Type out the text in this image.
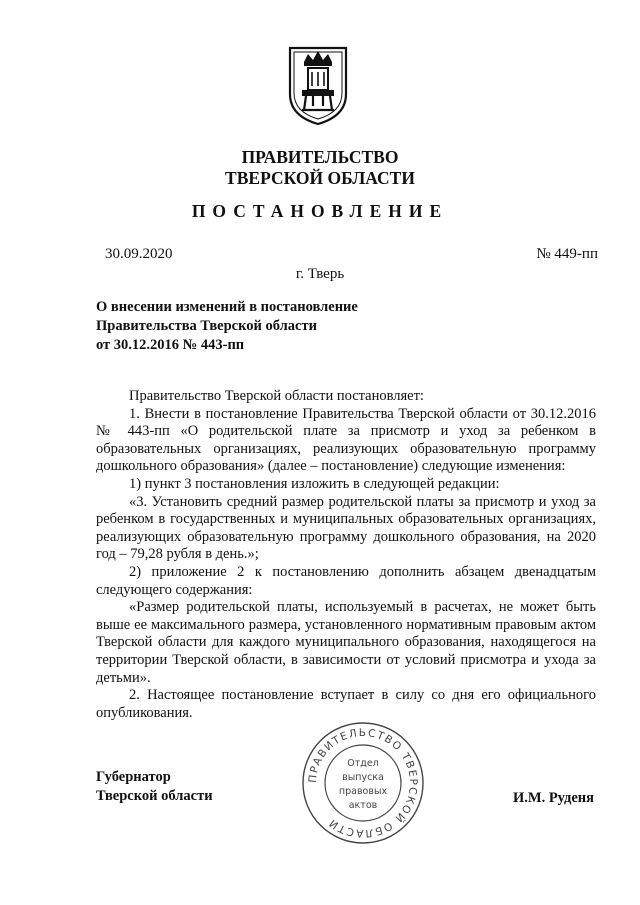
ПРАВИТЕЛЬСТВО
ТВЕРСКОЙ ОБЛАСТИ
ПОСТАНОВЛЕНИЕ
30.09.2020	№ 449-пп
г. Тверь
О внесении изменений в постановление
Правительства Тверской области
от 30.12.2016 № 443-пп

Правительство Тверской области постановляет:

1. Внести в постановление Правительства Тверской области от 30.12.2016 № 443-пп «О родительской плате за присмотр и уход за ребенком в образовательных организациях, реализующих образовательную программу дошкольного образования» (далее – постановление) следующие изменения:

1) пункт 3 постановления изложить в следующей редакции:

«3. Установить средний размер родительской платы за присмотр и уход за ребенком в государственных и муниципальных образовательных организациях, реализующих образовательную программу дошкольного образования, на 2020 год – 79,28 рубля в день.»;

2) приложение 2 к постановлению дополнить абзацем двенадцатым следующего содержания:

«Размер родительской платы, используемый в расчетах, не может быть выше ее максимального размера, установленного нормативным правовым актом Тверской области для каждого муниципального образования, находящегося на территории Тверской области, в зависимости от условий присмотра и ухода за детьми».

2. Настоящее постановление вступает в силу со дня его официального опубликования.

Губернатор
Тверской области	И.М. Руденя
ПРАВИТЕЛЬСТВО ТВЕРСКОЙ ОБЛАСТИ
Отдел
выпуска
правовых
актов
